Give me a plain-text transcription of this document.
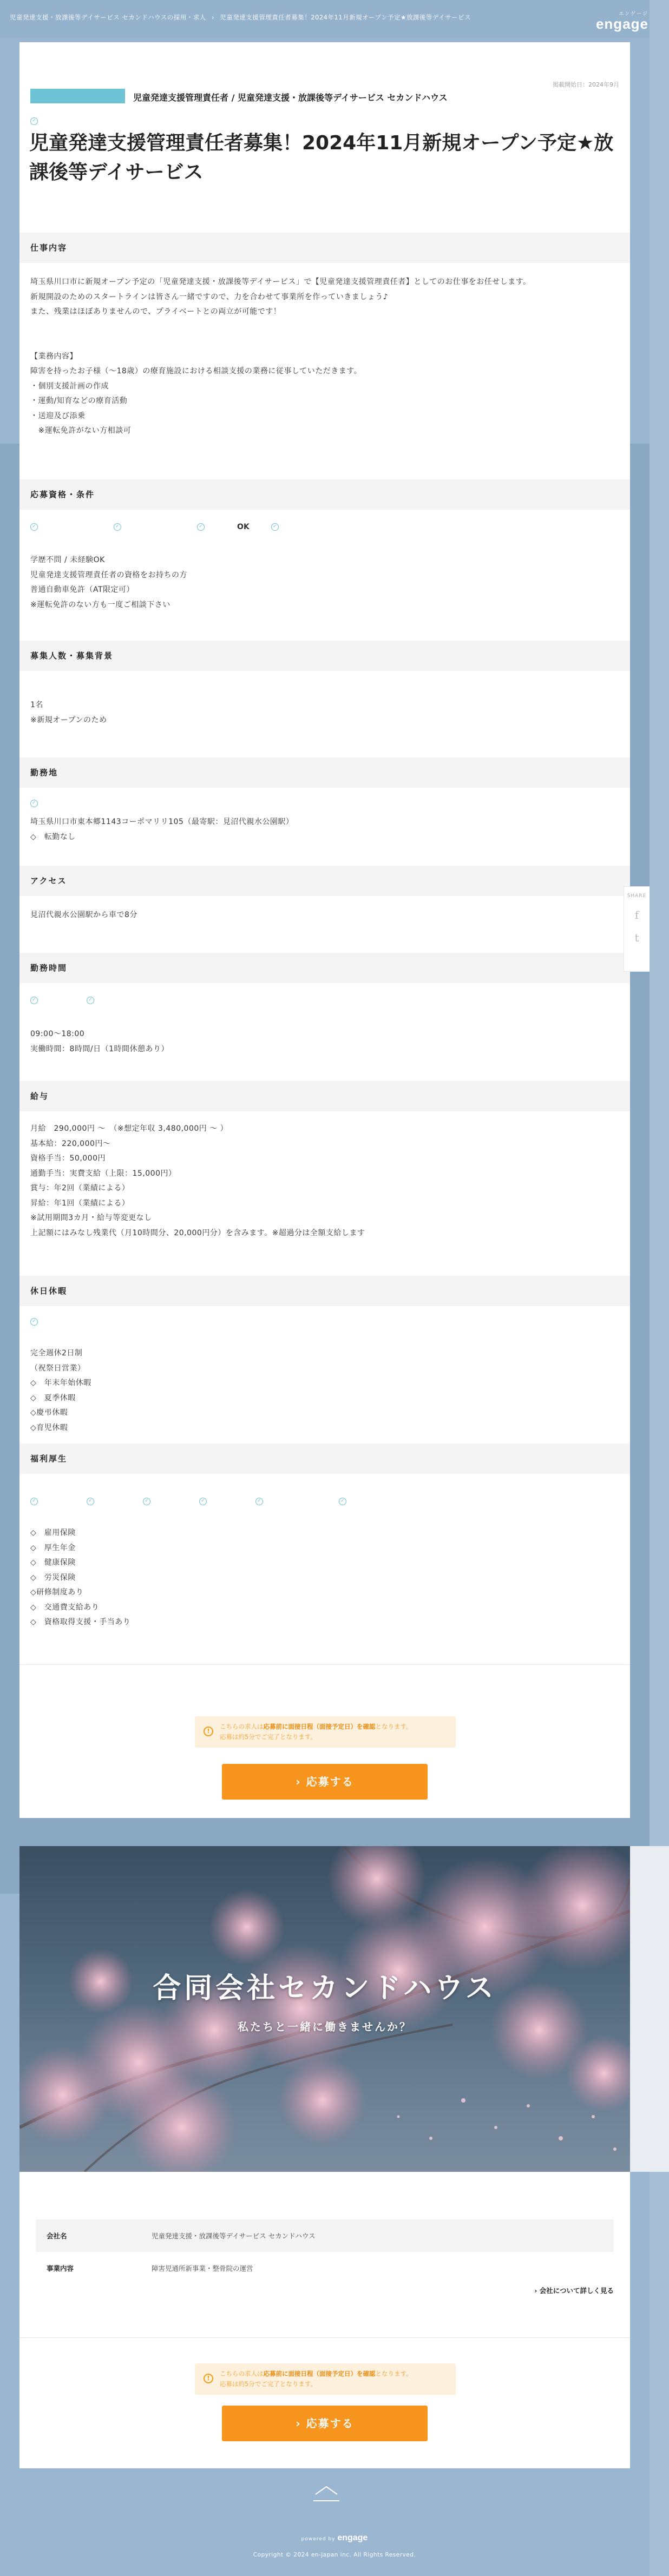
児童発達支援・放課後等デイサービス セカンドハウスの採用・求人 › 児童発達支援管理責任者募集！2024年11月新規オープン予定★放課後等デイサービス	エンゲージ
engage
掲載開始日：2024年9月
児童発達支援管理責任者 / 児童発達支援・放課後等デイサービス セカンドハウス
✓
児童発達支援管理責任者募集！2024年11月新規オープン予定★放課後等デイサービス
仕事内容
埼玉県川口市に新規オープン予定の「児童発達支援・放課後等デイサービス」で【児童発達支援管理責任者】としてのお仕事をお任せします。
新規開設のためのスタートラインは皆さん一緒ですので、力を合わせて事業所を作っていきましょう♪
また、残業はほぼありませんので、プライベートとの両立が可能です！

【業務内容】
障害を持ったお子様（～18歳）の療育施設における相談支援の業務に従事していただきます。
・個別支援計画の作成
・運動/知育などの療育活動
・送迎及び添乗
　※運転免許がない方相談可
応募資格・条件
✓	✓	✓	OK	✓
学歴不問 / 未経験OK
児童発達支援管理責任者の資格をお持ちの方
普通自動車免許（AT限定可）
※運転免許のない方も一度ご相談下さい
募集人数・募集背景
1名
※新規オープンのため
勤務地
✓
埼玉県川口市東本郷1143コーポマリリ105（最寄駅：見沼代親水公園駅）
◇　転勤なし
アクセス
見沼代親水公園駅から車で8分
勤務時間
✓	✓
09:00～18:00
実働時間：8時間/日（1時間休憩あり）
給与
月給　290,000円 ～　（※想定年収 3,480,000円 ～ ）
基本給：220,000円～
資格手当：50,000円
通勤手当：実費支給（上限：15,000円）
賞与：年2回（業績による）
昇給：年1回（業績による）
※試用期間3カ月・給与等変更なし
上記額にはみなし残業代（月10時間分、20,000円分）を含みます。※超過分は全額支給します
休日休暇
✓
完全週休2日制
（祝祭日営業）
◇　年末年始休暇
◇　夏季休暇
◇慶弔休暇
◇育児休暇
福利厚生
✓	✓	✓	✓	✓	✓
◇　雇用保険
◇　厚生年金
◇　健康保険
◇　労災保険
◇研修制度あり
◇　交通費支給あり
◇　資格取得支援・手当あり
!
こちらの求人は応募前に面接日程（面接予定日）を確認となります。
応募は約5分でご完了となります。
› 応募する
SHARE
f
t
合同会社セカンドハウス
私たちと一緒に働きませんか？
会社名	児童発達支援・放課後等デイサービス セカンドハウス
事業内容	障害児通所新事業・整骨院の運営
› 会社について詳しく見る
!
こちらの求人は応募前に面接日程（面接予定日）を確認となります。
応募は約5分でご完了となります。
› 応募する
powered by engage
Copyright © 2024 en-japan inc. All Rights Reserved.
